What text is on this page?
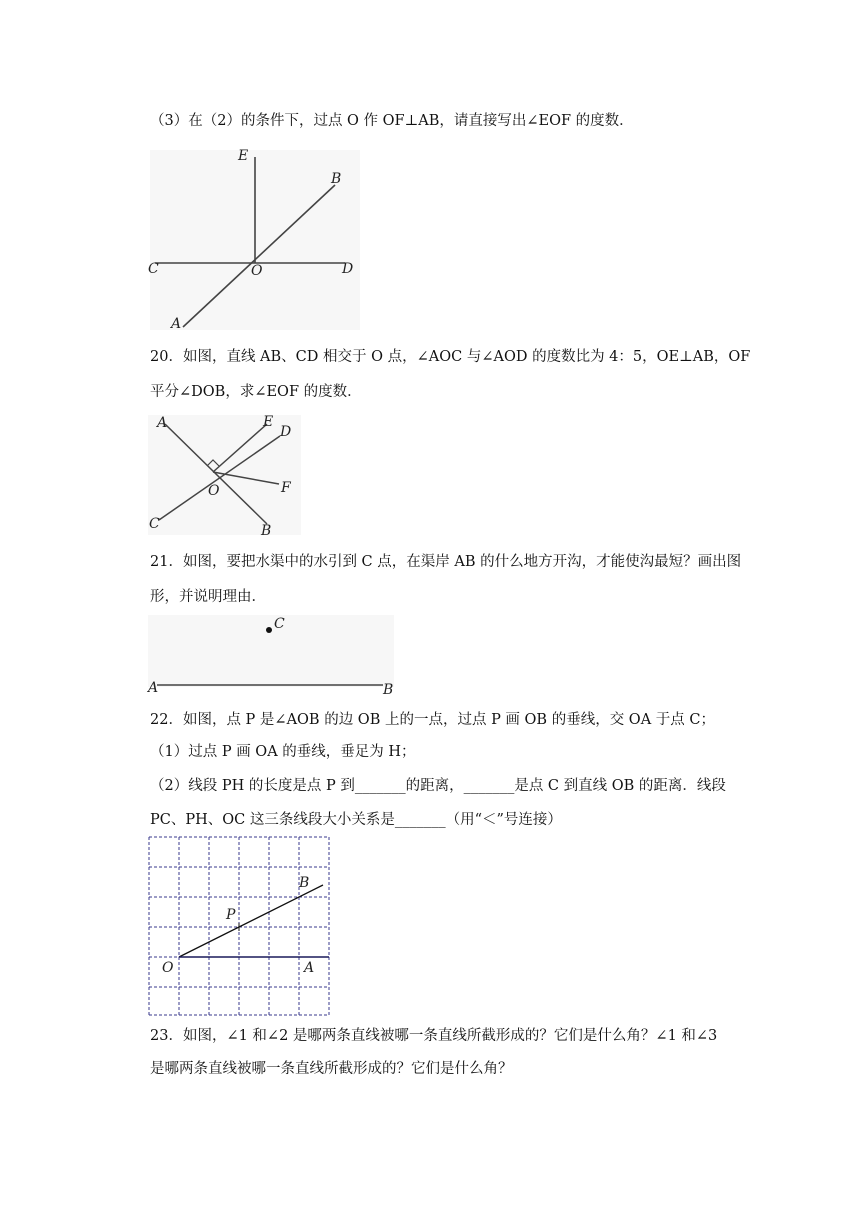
（3）在（2）的条件下，过点 O 作 OF⊥AB，请直接写出∠EOF 的度数．
E
B
C	O	D
A
20．如图，直线 AB、CD 相交于 O 点，∠AOC 与∠AOD 的度数比为 4：5，OE⊥AB，OF
平分∠DOB，求∠EOF 的度数．
A	E
D
O	F
C	B
21．如图，要把水渠中的水引到 C 点，在渠岸 AB 的什么地方开沟，才能使沟最短？画出图
形，并说明理由．
C
A	B
22．如图，点 P 是∠AOB 的边 OB 上的一点，过点 P 画 OB 的垂线，交 OA 于点 C；
（1）过点 P 画 OA 的垂线，垂足为 H；
（2）线段 PH 的长度是点 P 到_______的距离，_______是点 C 到直线 OB 的距离．线段
PC、PH、OC 这三条线段大小关系是_______（用“＜”号连接）
B
P
O	A
23．如图，∠1 和∠2 是哪两条直线被哪一条直线所截形成的？它们是什么角？∠1 和∠3
是哪两条直线被哪一条直线所截形成的？它们是什么角？
